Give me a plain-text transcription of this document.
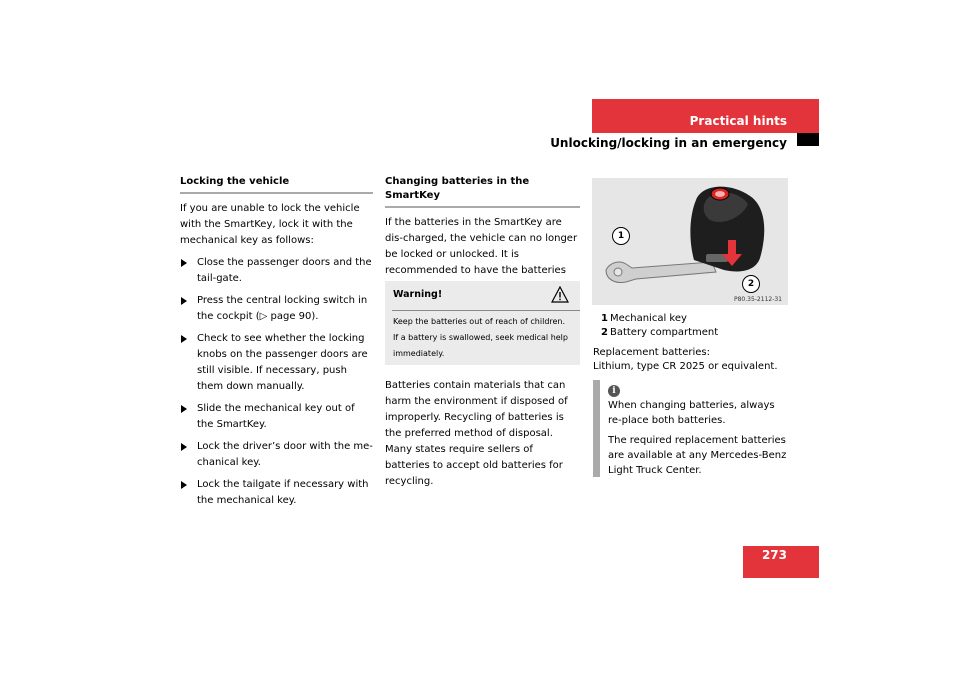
Practical hints
Unlocking/locking in an emergency
Locking the vehicle

If you are unable to lock the vehicle with the SmartKey, lock it with the mechanical key as follows:

Close the passenger doors and the tail-gate.
Press the central locking switch in the cockpit (▷ page 90).
Check to see whether the locking knobs on the passenger doors are still visible. If necessary, push them down manually.
Slide the mechanical key out of the SmartKey.
Lock the driver’s door with the me-chanical key.
Lock the tailgate if necessary with the mechanical key.
Changing batteries in the SmartKey

If the batteries in the SmartKey are dis-charged, the vehicle can no longer be locked or unlocked. It is recommended to have the batteries

Warning!

Keep the batteries out of reach of children.

If a battery is swallowed, seek medical help immediately.

Batteries contain materials that can harm the environment if disposed of improperly. Recycling of batteries is the preferred method of disposal. Many states require sellers of batteries to accept old batteries for recycling.

1
2
P80.35-2112-31
1 Mechanical key
2 Battery compartment
Replacement batteries:
Lithium, type CR 2025 or equivalent.
i

When changing batteries, always re-place both batteries.

The required replacement batteries are available at any Mercedes-Benz Light Truck Center.

273
